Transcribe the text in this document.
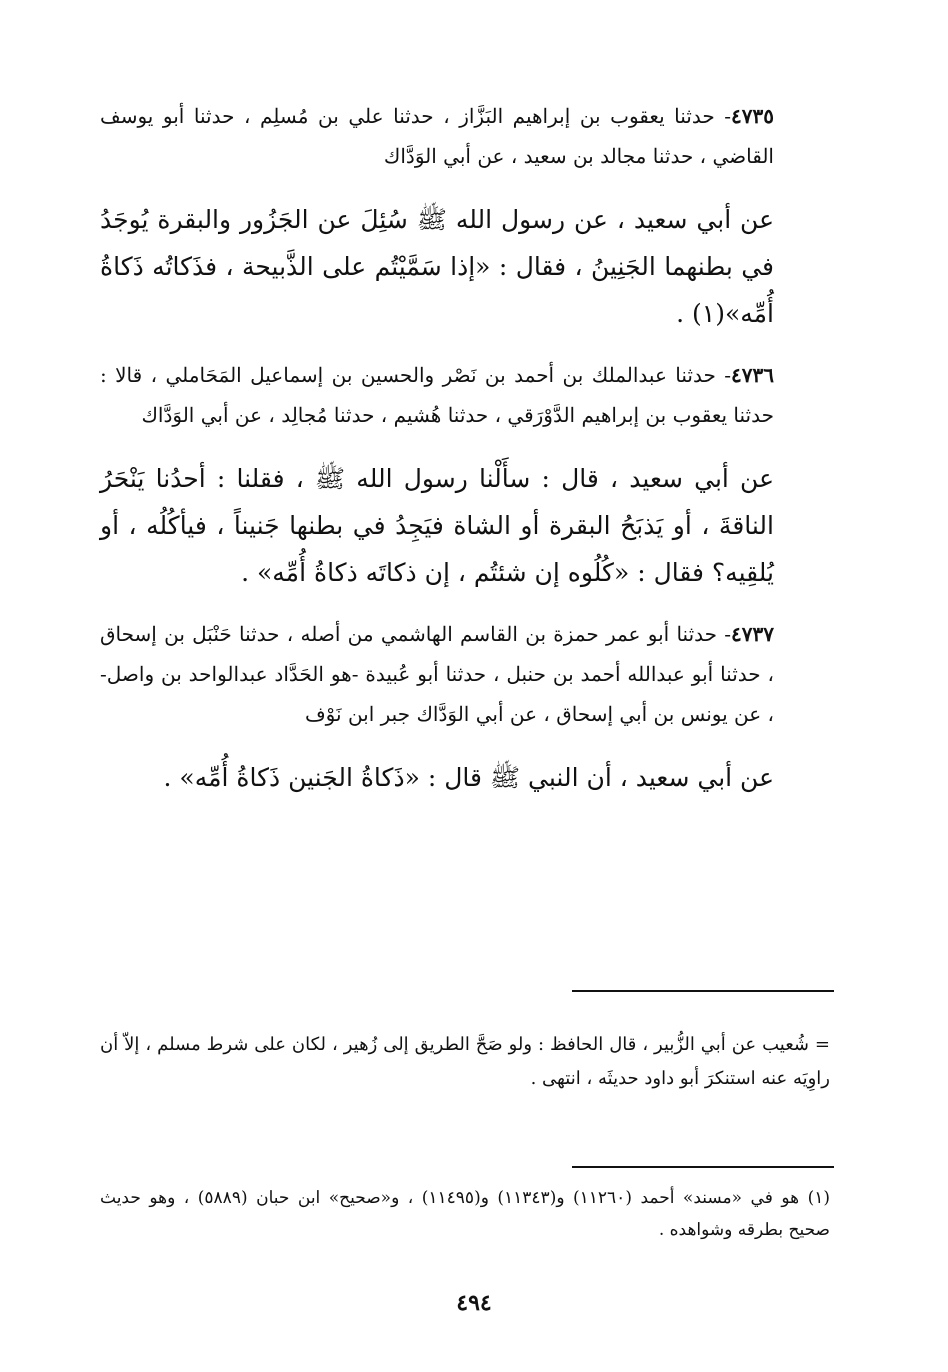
٤٧٣٥- حدثنا يعقوب بن إبراهيم البَزَّاز ، حدثنا علي بن مُسلِم ، حدثنا أبو يوسف القاضي ، حدثنا مجالد بن سعيد ، عن أبي الوَدَّاك

عن أبي سعيد ، عن رسول الله ﷺ سُئِلَ عن الجَزُور والبقرة يُوجَدُ في بطنهما الجَنِينُ ، فقال : «إذا سَمَّيْتُم على الذَّبيحة ، فذَكاتُه ذَكاةُ أُمِّه»(١) .

٤٧٣٦- حدثنا عبدالملك بن أحمد بن نَصْر والحسين بن إسماعيل المَحَاملي ، قالا : حدثنا يعقوب بن إبراهيم الدَّوْرَقي ، حدثنا هُشيم ، حدثنا مُجالِد ، عن أبي الوَدَّاك

عن أبي سعيد ، قال : سأَلْنا رسول الله ﷺ ، فقلنا : أحدُنا يَنْحَرُ الناقةَ ، أو يَذبَحُ البقرة أو الشاة فيَجِدُ في بطنها جَنيناً ، فيأكُلُه ، أو يُلقِيه؟ فقال : «كُلُوه إن شئتُم ، إن ذكاتَه ذكاةُ أُمِّه» .

٤٧٣٧- حدثنا أبو عمر حمزة بن القاسم الهاشمي من أصله ، حدثنا حَنْبَل بن إسحاق ، حدثنا أبو عبدالله أحمد بن حنبل ، حدثنا أبو عُبيدة -هو الحَدَّاد عبدالواحد بن واصل- ، عن يونس بن أبي إسحاق ، عن أبي الوَدَّاك جبر ابن نَوْف

عن أبي سعيد ، أن النبي ﷺ قال : «ذَكاةُ الجَنين ذَكاةُ أُمِّه» .

= شُعيب عن أبي الزُّبير ، قال الحافظ : ولو صَحَّ الطريق إلى زُهير ، لكان على شرط مسلم ، إلاّ أن راوِيَه عنه استنكرَ أبو داود حديثَه ، انتهى .
(١) هو في «مسند» أحمد (١١٢٦٠) و(١١٣٤٣) و(١١٤٩٥) ، و«صحيح» ابن حبان (٥٨٨٩) ، وهو حديث صحيح بطرقه وشواهده .
٤٩٤
